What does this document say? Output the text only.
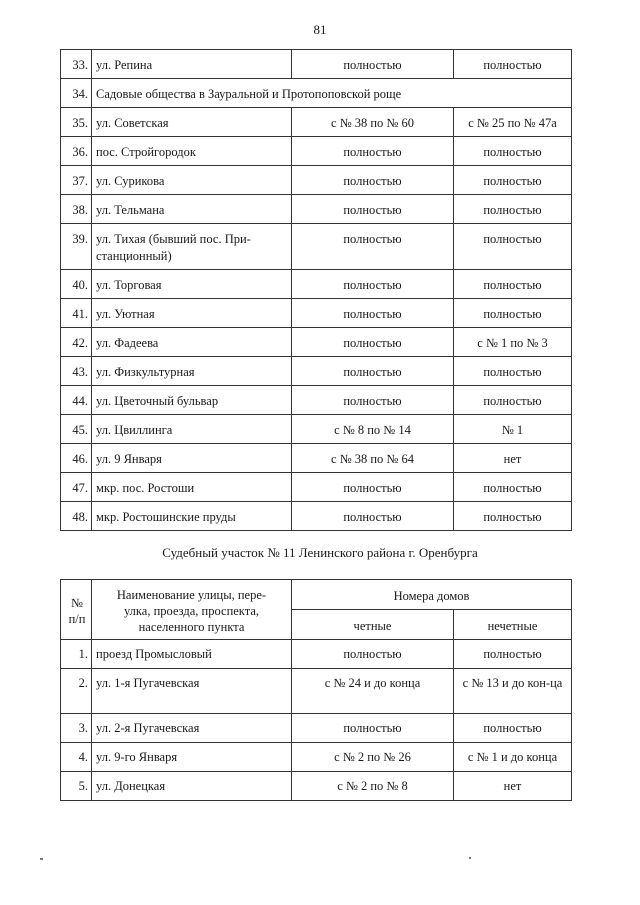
81
33.	ул. Репина	полностью	полностью
34.	Садовые общества в Зауральной и Протопоповской роще		
35.	ул. Советская	с № 38 по № 60	с № 25 по № 47а
36.	пос. Стройгородок	полностью	полностью
37.	ул. Сурикова	полностью	полностью
38.	ул. Тельмана	полностью	полностью
39.	ул. Тихая (бывший пос. При-станционный)	полностью	полностью
40.	ул. Торговая	полностью	полностью
41.	ул. Уютная	полностью	полностью
42.	ул. Фадеева	полностью	с № 1 по № 3
43.	ул. Физкультурная	полностью	полностью
44.	ул. Цветочный бульвар	полностью	полностью
45.	ул. Цвиллинга	с № 8 по № 14	№ 1
46.	ул. 9 Января	с № 38 по № 64	нет
47.	мкр. пос. Ростоши	полностью	полностью
48.	мкр. Ростошинские пруды	полностью	полностью
Судебный участок № 11 Ленинского района г. Оренбурга
№ п/п	Наименование улицы, пере-улка, проезда, проспекта, населенного пункта	Номера домов	
		четные	нечетные
1.	проезд Промысловый	полностью	полностью
2.	ул. 1-я Пугачевская	с № 24 и до конца	с № 13 и до кон-ца
3.	ул. 2-я Пугачевская	полностью	полностью
4.	ул. 9-го Января	с № 2 по № 26	с № 1 и до конца
5.	ул. Донецкая	с № 2 по № 8	нет
